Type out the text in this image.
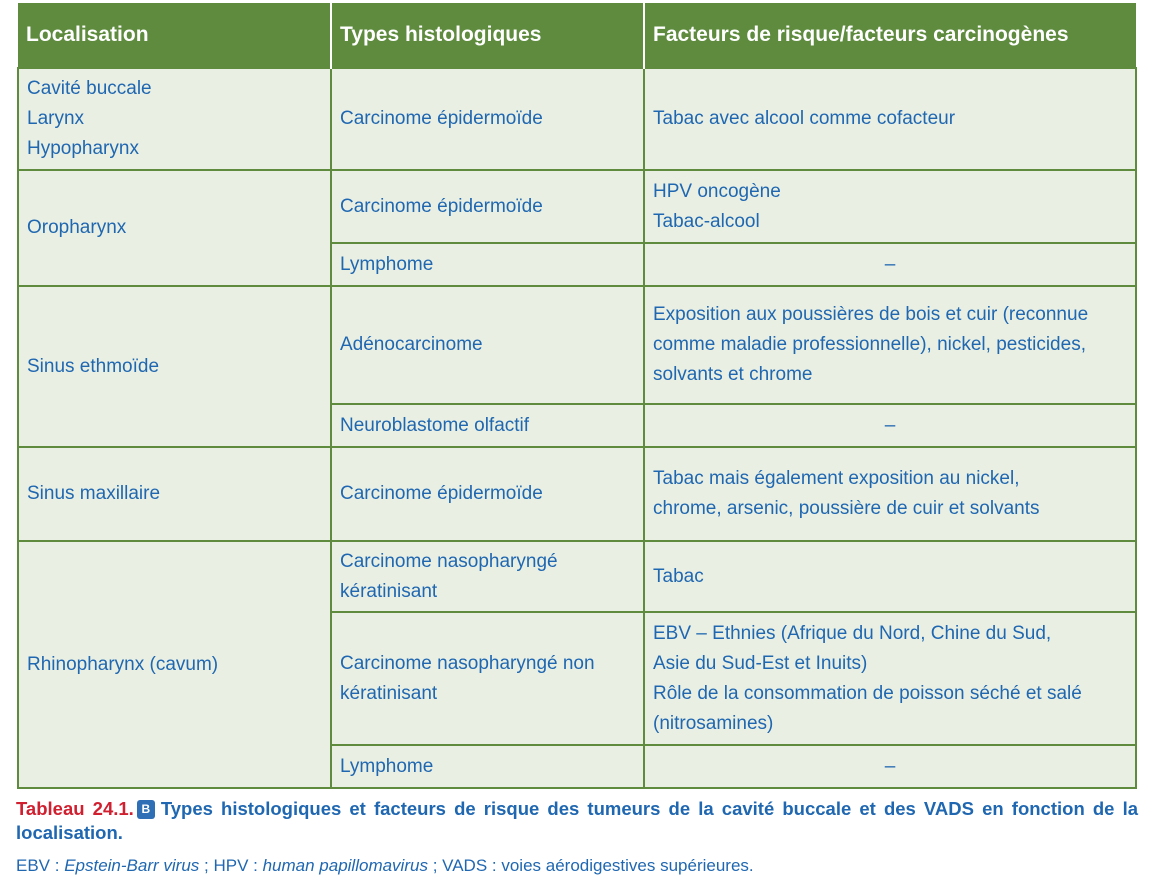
Localisation	Types histologiques	Facteurs de risque/facteurs carcinogènes

Cavité buccale
Larynx
Hypopharynx	Carcinome épidermoïde	Tabac avec alcool comme cofacteur

Oropharynx	Carcinome épidermoïde	HPV oncogène
Tabac-alcool

	Lymphome	–

Sinus ethmoïde	Adénocarcinome	Exposition aux poussières de bois et cuir (reconnue
comme maladie professionnelle), nickel, pesticides,
solvants et chrome

	Neuroblastome olfactif	–

Sinus maxillaire	Carcinome épidermoïde	Tabac mais également exposition au nickel,
chrome, arsenic, poussière de cuir et solvants

Rhinopharynx (cavum)	Carcinome nasopharyngé
kératinisant	Tabac

	Carcinome nasopharyngé non
kératinisant	EBV – Ethnies (Afrique du Nord, Chine du Sud,
Asie du Sud-Est et Inuits)
Rôle de la consommation de poisson séché et salé
(nitrosamines)

	Lymphome	–
Tableau 24.1. B Types histologiques et facteurs de risque des tumeurs de la cavité buccale et des VADS en fonction de la localisation.
EBV : Epstein-Barr virus ; HPV : human papillomavirus ; VADS : voies aérodigestives supérieures.
